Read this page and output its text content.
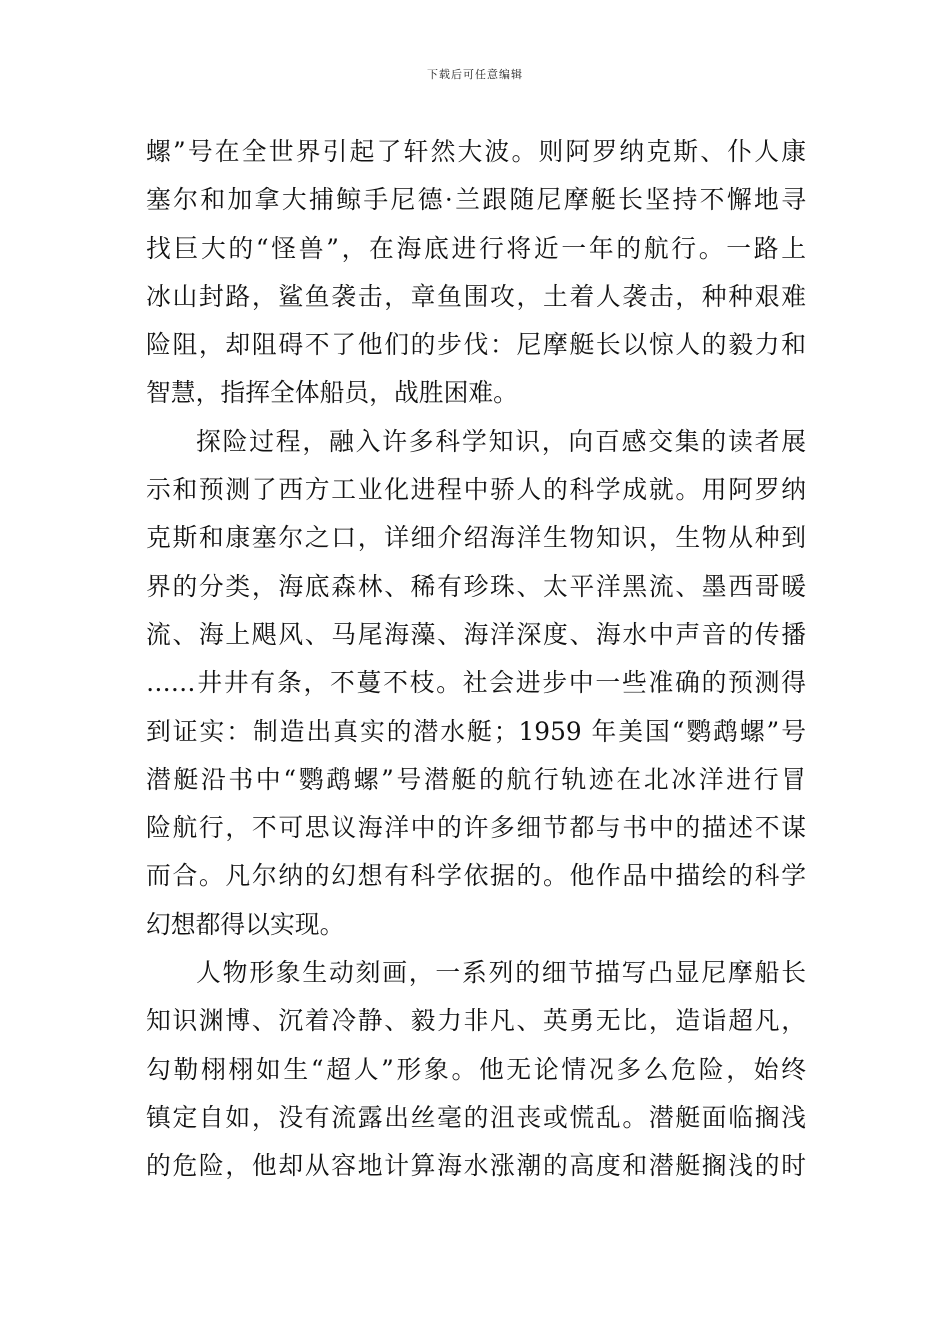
下载后可任意编辑
螺”号在全世界引起了轩然大波。则阿罗纳克斯、仆人康
塞尔和加拿大捕鲸手尼德·兰跟随尼摩艇长坚持不懈地寻
找巨大的“怪兽”，在海底进行将近一年的航行。一路上
冰山封路，鲨鱼袭击，章鱼围攻，土着人袭击，种种艰难
险阻，却阻碍不了他们的步伐：尼摩艇长以惊人的毅力和
智慧，指挥全体船员，战胜困难。
探险过程，融入许多科学知识，向百感交集的读者展
示和预测了西方工业化进程中骄人的科学成就。用阿罗纳
克斯和康塞尔之口，详细介绍海洋生物知识，生物从种到
界的分类，海底森林、稀有珍珠、太平洋黑流、墨西哥暖
流、海上飓风、马尾海藻、海洋深度、海水中声音的传播
……井井有条，不蔓不枝。社会进步中一些准确的预测得
到证实：制造出真实的潜水艇；1959 年美国“鹦鹉螺”号
潜艇沿书中“鹦鹉螺”号潜艇的航行轨迹在北冰洋进行冒
险航行，不可思议海洋中的许多细节都与书中的描述不谋
而合。凡尔纳的幻想有科学依据的。他作品中描绘的科学
幻想都得以实现。
人物形象生动刻画，一系列的细节描写凸显尼摩船长
知识渊博、沉着冷静、毅力非凡、英勇无比，造诣超凡，
勾勒栩栩如生“超人”形象。他无论情况多么危险，始终
镇定自如，没有流露出丝毫的沮丧或慌乱。潜艇面临搁浅
的危险，他却从容地计算海水涨潮的高度和潜艇搁浅的时
